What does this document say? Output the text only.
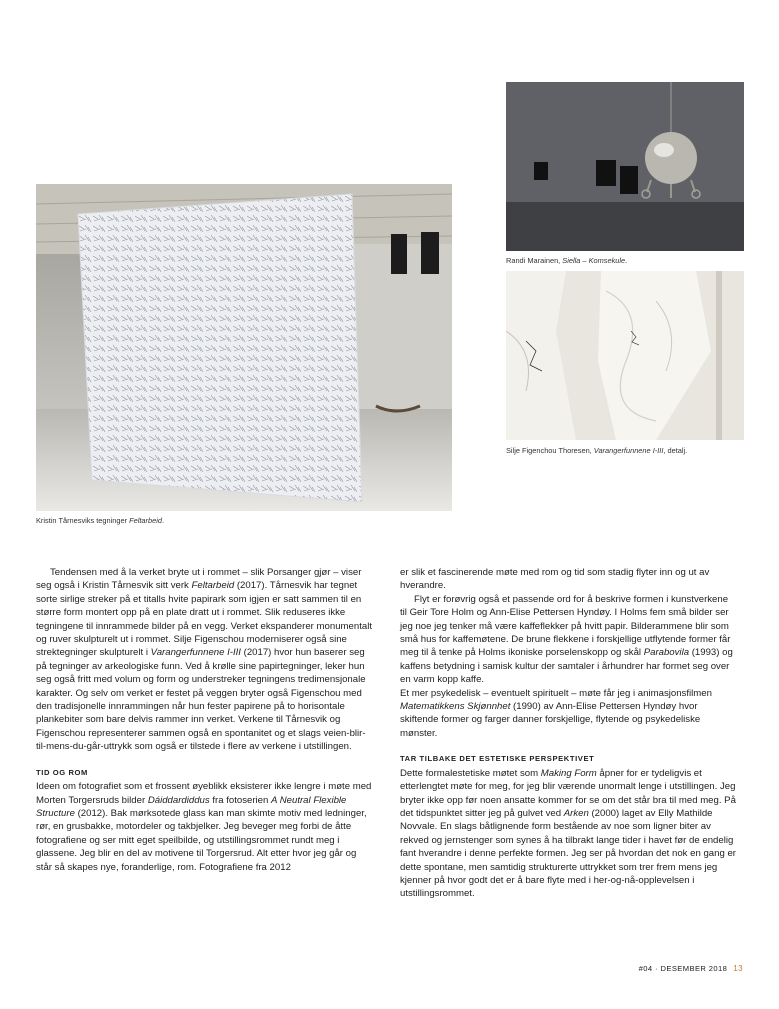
Kristin Tårnesviks tegninger Feltarbeid.
Randi Marainen, Siella – Komsekule.
Silje Figenchou Thoresen, Varangerfunnene I-III, detalj.

Tendensen med å la verket bryte ut i rommet – slik Porsanger gjør – viser seg også i Kristin Tårnesvik sitt verk Feltarbeid (2017). Tårnesvik har tegnet sorte sirlige streker på et titalls hvite papirark som igjen er satt sammen til en større form montert opp på en plate dratt ut i rommet. Slik reduseres ikke tegningene til innrammede bilder på en vegg. Verket ekspanderer monumentalt og ruver skulpturelt ut i rommet. Silje Figenschou moderniserer også sine strektegninger skulpturelt i Varangerfunnene I-III (2017) hvor hun baserer seg på tegninger av arkeologiske funn. Ved å krølle sine papirtegninger, leker hun seg også fritt med volum og form og understreker tegningens tredimensjonale karakter. Og selv om verket er festet på veggen bryter også Figenschou med den tradisjonelle innrammingen når hun fester papirene på to horisontale plankebiter som bare delvis rammer inn verket. Verkene til Tårnesvik og Figenschou representerer sammen også en spontanitet og et slags veien-blir-til-mens-du-går-uttrykk som også er tilstede i flere av verkene i utstillingen.

TID OG ROM

Ideen om fotografiet som et frossent øyeblikk eksisterer ikke lengre i møte med Morten Torgersruds bilder Dáiddardiddus fra fotoserien A Neutral Flexible Structure (2012). Bak mørksotede glass kan man skimte motiv med ledninger, rør, en grusbakke, motordeler og takbjelker. Jeg beveger meg forbi de åtte fotografiene og ser mitt eget speilbilde, og utstillingsrommet rundt meg i glassene. Jeg blir en del av motivene til Torgersrud. Alt etter hvor jeg går og står så skapes nye, foranderlige, rom. Fotografiene fra 2012

er slik et fascinerende møte med rom og tid som stadig flyter inn og ut av hverandre.

Flyt er forøvrig også et passende ord for å beskrive formen i kunstverkene til Geir Tore Holm og Ann-Elise Pettersen Hyndøy. I Holms fem små bilder ser jeg noe jeg tenker må være kaffeflekker på hvitt papir. Bilderammene blir som små hus for kaffemøtene. De brune flekkene i forskjellige utflytende former får meg til å tenke på Holms ikoniske porselenskopp og skål Parabovila (1993) og kaffens betydning i samisk kultur der samtaler i århundrer har formet seg over en varm kopp kaffe.

Et mer psykedelisk – eventuelt spirituelt – møte får jeg i animasjonsfilmen Matematikkens Skjønnhet (1990) av Ann-Elise Pettersen Hyndøy hvor skiftende former og farger danner forskjellige, flytende og psykedeliske mønster.

TAR TILBAKE DET ESTETISKE PERSPEKTIVET

Dette formalestetiske møtet som Making Form åpner for er tydeligvis et etterlengtet møte for meg, for jeg blir værende unormalt lenge i utstillingen. Jeg bryter ikke opp før noen ansatte kommer for se om det står bra til med meg. På det tidspunktet sitter jeg på gulvet ved Arken (2000) laget av Elly Mathilde Novvale. En slags båtlignende form bestående av noe som ligner biter av rekved og jernstenger som synes å ha tilbrakt lange tider i havet før de endelig fant hverandre i denne perfekte formen. Jeg ser på hvordan det nok en gang er dette spontane, men samtidig strukturerte uttrykket som trer frem mens jeg kjenner på hvor godt det er å bare flyte med i her-og-nå-opplevelsen i utstillingsrommet.

#04 · DESEMBER 2018 13
